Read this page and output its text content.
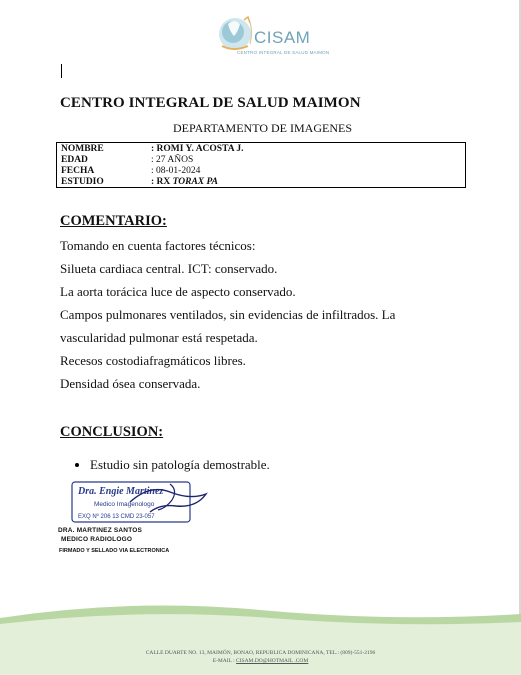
CISAM
CENTRO INTEGRAL DE SALUD MAIMON
CENTRO INTEGRAL DE SALUD MAIMON
DEPARTAMENTO DE IMAGENES
NOMBRE	: ROMI Y. ACOSTA J.
EDAD	: 27 AÑOS
FECHA	: 08-01-2024
ESTUDIO	: RX TORAX PA
COMENTARIO:
Tomando en cuenta factores técnicos:
Silueta cardiaca central. ICT: conservado.
La aorta torácica luce de aspecto conservado.
Campos pulmonares ventilados, sin evidencias de infiltrados. La
vascularidad pulmonar está respetada.
Recesos costodiafragmáticos libres.
Densidad ósea conservada.
CONCLUSION:
Estudio sin patología demostrable.
Dra. Engie Martinez
Medico Imagenologo
EXQ Nº 206 13 CMD 23-057
DRA. MARTINEZ SANTOS
MEDICO RADIOLOGO
FIRMADO Y SELLADO VIA ELECTRONICA
CALLE DUARTE NO. 13, MAIMÓN, BONAO, REPUBLICA DOMINICANA, TEL.: (809)-551-2196
E-MAIL : CISAM.DO@HOTMAIL .COM
